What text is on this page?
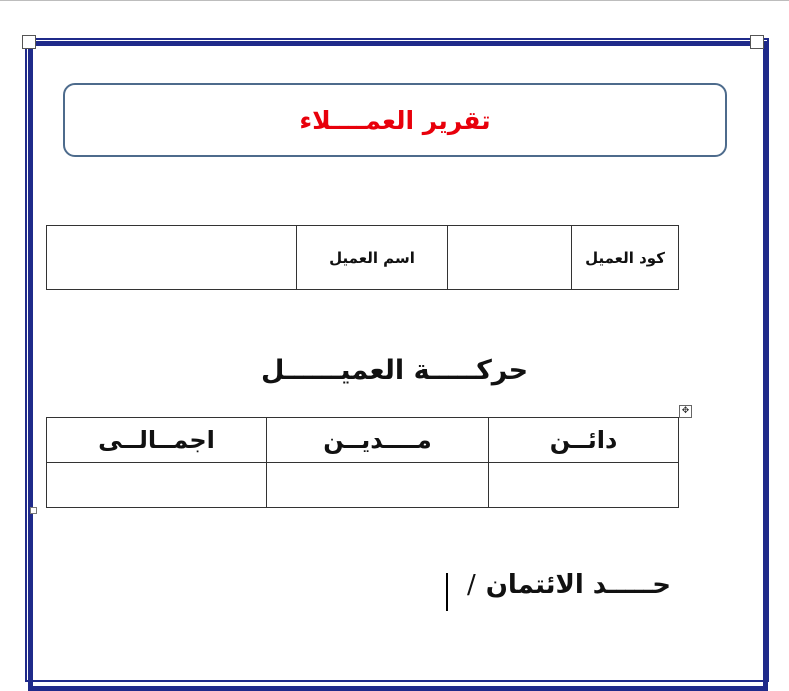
تقرير العمــــلاء
كود العميل		اسم العميل	
حركـــــة العميــــــل
✥
دائــن	مــــديــن	اجمــالــى

حـــــد الائتمان
/
